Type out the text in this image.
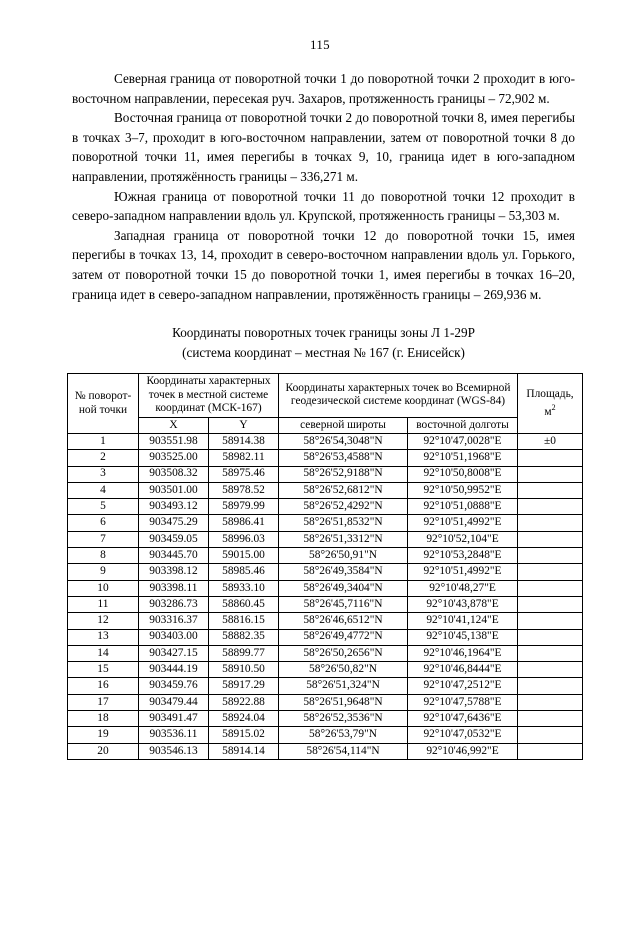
115

Северная граница от поворотной точки 1 до поворотной точки 2 проходит в юго-восточном направлении, пересекая руч. Захаров, протяженность границы – 72,902 м.

Восточная граница от поворотной точки 2 до поворотной точки 8, имея перегибы в точках 3–7, проходит в юго-восточном направлении, затем от поворотной точки 8 до поворотной точки 11, имея перегибы в точках 9, 10, граница идет в юго-западном направлении, протяжённость границы – 336,271 м.

Южная граница от поворотной точки 11 до поворотной точки 12 проходит в северо-западном направлении вдоль ул. Крупской, протяженность границы – 53,303 м.

Западная граница от поворотной точки 12 до поворотной точки 15, имея перегибы в точках 13, 14, проходит в северо-восточном направлении вдоль ул. Горького, затем от поворотной точки 15 до поворотной точки 1, имея перегибы в точках 16–20, граница идет в северо-западном направлении, протяжённость границы – 269,936 м.

Координаты поворотных точек границы зоны Л 1-29Р
(система координат – местная № 167 (г. Енисейск)
№ поворотной точки	Координаты характерных точек в местной системе координат (МСК-167)		Координаты характерных точек во Всемирной геодезической системе координат (WGS-84)		Площадь,
$м^2$
	X	Y	северной широты	восточной долготы	
1	903551.98	58914.38	58°26'54,3048"N	92°10'47,0028"E	±0
2	903525.00	58982.11	58°26'53,4588"N	92°10'51,1968"E	
3	903508.32	58975.46	58°26'52,9188"N	92°10'50,8008"E	
4	903501.00	58978.52	58°26'52,6812"N	92°10'50,9952"E	
5	903493.12	58979.99	58°26'52,4292"N	92°10'51,0888"E	
6	903475.29	58986.41	58°26'51,8532"N	92°10'51,4992"E	
7	903459.05	58996.03	58°26'51,3312"N	92°10'52,104"E	
8	903445.70	59015.00	58°26'50,91"N	92°10'53,2848"E	
9	903398.12	58985.46	58°26'49,3584"N	92°10'51,4992"E	
10	903398.11	58933.10	58°26'49,3404"N	92°10'48,27"E	
11	903286.73	58860.45	58°26'45,7116"N	92°10'43,878"E	
12	903316.37	58816.15	58°26'46,6512"N	92°10'41,124"E	
13	903403.00	58882.35	58°26'49,4772"N	92°10'45,138"E	
14	903427.15	58899.77	58°26'50,2656"N	92°10'46,1964"E	
15	903444.19	58910.50	58°26'50,82"N	92°10'46,8444"E	
16	903459.76	58917.29	58°26'51,324"N	92°10'47,2512"E	
17	903479.44	58922.88	58°26'51,9648"N	92°10'47,5788"E	
18	903491.47	58924.04	58°26'52,3536"N	92°10'47,6436"E	
19	903536.11	58915.02	58°26'53,79"N	92°10'47,0532"E	
20	903546.13	58914.14	58°26'54,114"N	92°10'46,992"E	
